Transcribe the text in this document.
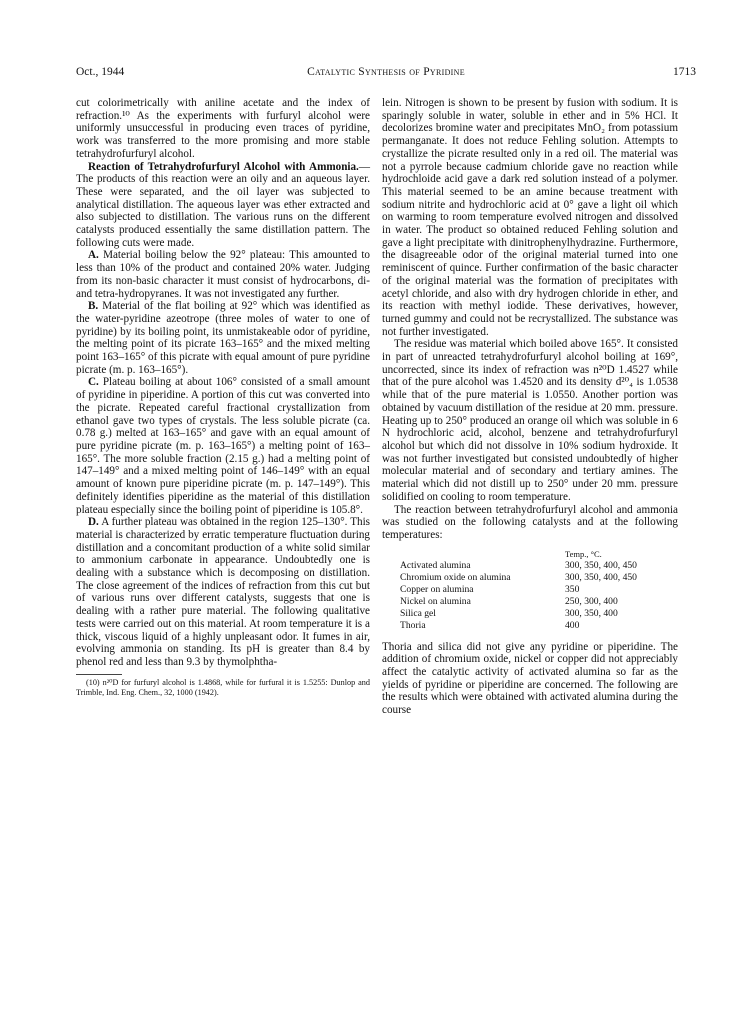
Oct., 1944	Catalytic Synthesis of Pyridine	1713

cut colorimetrically with aniline acetate and the index of refraction.¹⁰ As the experiments with furfuryl alcohol were uniformly unsuccessful in producing even traces of pyridine, work was transferred to the more promising and more stable tetrahydrofurfuryl alcohol.

Reaction of Tetrahydrofurfuryl Alcohol with Ammonia.—The products of this reaction were an oily and an aqueous layer. These were separated, and the oil layer was subjected to analytical distillation. The aqueous layer was ether extracted and also subjected to distillation. The various runs on the different catalysts produced essentially the same distillation pattern. The following cuts were made.

A. Material boiling below the 92° plateau: This amounted to less than 10% of the product and contained 20% water. Judging from its non-basic character it must consist of hydrocarbons, di- and tetra-hydropyranes. It was not investigated any further.

B. Material of the flat boiling at 92° which was identified as the water-pyridine azeotrope (three moles of water to one of pyridine) by its boiling point, its unmistakeable odor of pyridine, the melting point of its picrate 163–165° and the mixed melting point 163–165° of this picrate with equal amount of pure pyridine picrate (m. p. 163–165°).

C. Plateau boiling at about 106° consisted of a small amount of pyridine in piperidine. A portion of this cut was converted into the picrate. Repeated careful fractional crystallization from ethanol gave two types of crystals. The less soluble picrate (ca. 0.78 g.) melted at 163–165° and gave with an equal amount of pure pyridine picrate (m. p. 163–165°) a melting point of 163–165°. The more soluble fraction (2.15 g.) had a melting point of 147–149° and a mixed melting point of 146–149° with an equal amount of known pure piperidine picrate (m. p. 147–149°). This definitely identifies piperidine as the material of this distillation plateau especially since the boiling point of piperidine is 105.8°.

D. A further plateau was obtained in the region 125–130°. This material is characterized by erratic temperature fluctuation during distillation and a concomitant production of a white solid similar to ammonium carbonate in appearance. Undoubtedly one is dealing with a substance which is decomposing on distillation. The close agreement of the indices of refraction from this cut but of various runs over different catalysts, suggests that one is dealing with a rather pure material. The following qualitative tests were carried out on this material. At room temperature it is a thick, viscous liquid of a highly unpleasant odor. It fumes in air, evolving ammonia on standing. Its pH is greater than 8.4 by phenol red and less than 9.3 by thymolphtha-

(10) n²⁰D for furfuryl alcohol is 1.4868, while for furfural it is 1.5255: Dunlop and Trimble, Ind. Eng. Chem., 32, 1000 (1942).

lein. Nitrogen is shown to be present by fusion with sodium. It is sparingly soluble in water, soluble in ether and in 5% HCl. It decolorizes bromine water and precipitates MnO₂ from potassium permanganate. It does not reduce Fehling solution. Attempts to crystallize the picrate resulted only in a red oil. The material was not a pyrrole because cadmium chloride gave no reaction while hydrochloide acid gave a dark red solution instead of a polymer. This material seemed to be an amine because treatment with sodium nitrite and hydrochloric acid at 0° gave a light oil which on warming to room temperature evolved nitrogen and dissolved in water. The product so obtained reduced Fehling solution and gave a light precipitate with dinitrophenylhydrazine. Furthermore, the disagreeable odor of the original material turned into one reminiscent of quince. Further confirmation of the basic character of the original material was the formation of precipitates with acetyl chloride, and also with dry hydrogen chloride in ether, and its reaction with methyl iodide. These derivatives, however, turned gummy and could not be recrystallized. The substance was not further investigated.

The residue was material which boiled above 165°. It consisted in part of unreacted tetrahydrofurfuryl alcohol boiling at 169°, uncorrected, since its index of refraction was n²⁰D 1.4527 while that of the pure alcohol was 1.4520 and its density d²⁰₄ is 1.0538 while that of the pure material is 1.0550. Another portion was obtained by vacuum distillation of the residue at 20 mm. pressure. Heating up to 250° produced an orange oil which was soluble in 6 N hydrochloric acid, alcohol, benzene and tetrahydrofurfuryl alcohol but which did not dissolve in 10% sodium hydroxide. It was not further investigated but consisted undoubtedly of higher molecular material and of secondary and tertiary amines. The material which did not distill up to 250° under 20 mm. pressure solidified on cooling to room temperature.

The reaction between tetrahydrofurfuryl alcohol and ammonia was studied on the following catalysts and at the following temperatures:

	Temp., °C.
Activated alumina	300, 350, 400, 450
Chromium oxide on alumina	300, 350, 400, 450
Copper on alumina	350
Nickel on alumina	250, 300, 400
Silica gel	300, 350, 400
Thoria	400

Thoria and silica did not give any pyridine or piperidine. The addition of chromium oxide, nickel or copper did not appreciably affect the catalytic activity of activated alumina so far as the yields of pyridine or piperidine are concerned. The following are the results which were obtained with activated alumina during the course
